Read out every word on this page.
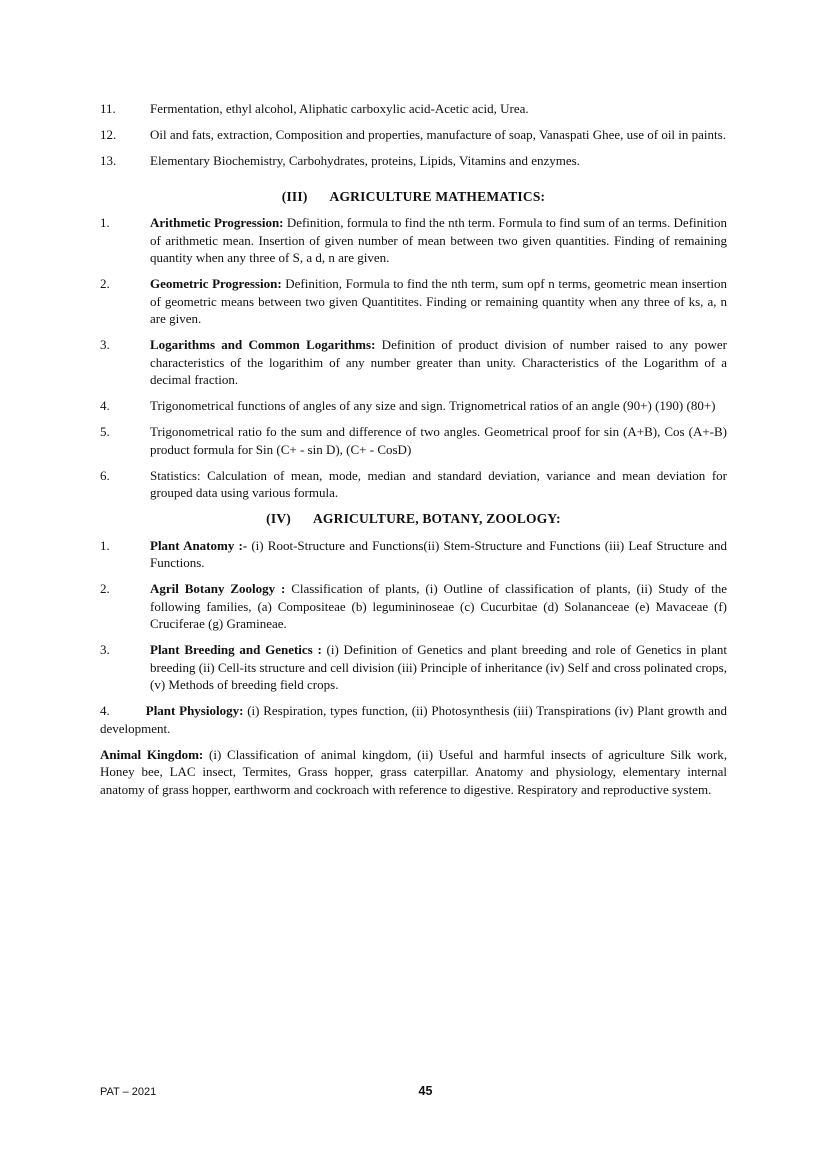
11.	Fermentation, ethyl alcohol, Aliphatic carboxylic acid-Acetic acid, Urea.
12.	Oil and fats, extraction, Composition and properties, manufacture of soap, Vanaspati Ghee, use of oil in paints.
13.	Elementary Biochemistry, Carbohydrates, proteins, Lipids, Vitamins and enzymes.
(III) AGRICULTURE MATHEMATICS:
1.	Arithmetic Progression: Definition, formula to find the nth term. Formula to find sum of an terms. Definition of arithmetic mean. Insertion of given number of mean between two given quantities. Finding of remaining quantity when any three of S, a d, n are given.
2.	Geometric Progression: Definition, Formula to find the nth term, sum opf n terms, geometric mean insertion of geometric means between two given Quantitites. Finding or remaining quantity when any three of ks, a, n are given.
3.	Logarithms and Common Logarithms: Definition of product division of number raised to any power characteristics of the logarithim of any number greater than unity. Characteristics of the Logarithm of a decimal fraction.
4.	Trigonometrical functions of angles of any size and sign. Trignometrical ratios of an angle (90+) (190) (80+)
5.	Trigonometrical ratio fo the sum and difference of two angles. Geometrical proof for sin (A+B), Cos (A+-B) product formula for Sin (C+ - sin D), (C+ - CosD)
6.	Statistics: Calculation of mean, mode, median and standard deviation, variance and mean deviation for grouped data using various formula.
(IV) AGRICULTURE, BOTANY, ZOOLOGY:
1.	Plant Anatomy :- (i) Root-Structure and Functions(ii) Stem-Structure and Functions (iii) Leaf Structure and Functions.
2.	Agril Botany Zoology : Classification of plants, (i) Outline of classification of plants, (ii) Study of the following families, (a) Compositeae (b) legumininoseae (c) Cucurbitae (d) Solananceae (e) Mavaceae (f) Cruciferae (g) Gramineae.
3.	Plant Breeding and Genetics : (i) Definition of Genetics and plant breeding and role of Genetics in plant breeding (ii) Cell-its structure and cell division (iii) Principle of inheritance (iv) Self and cross polinated crops, (v) Methods of breeding field crops.
4.	Plant Physiology: (i) Respiration, types function, (ii) Photosynthesis (iii) Transpirations (iv) Plant growth and development.
Animal Kingdom: (i) Classification of animal kingdom, (ii) Useful and harmful insects of agriculture Silk work, Honey bee, LAC insect, Termites, Grass hopper, grass caterpillar. Anatomy and physiology, elementary internal anatomy of grass hopper, earthworm and cockroach with reference to digestive. Respiratory and reproductive system.
PAT – 2021	45
